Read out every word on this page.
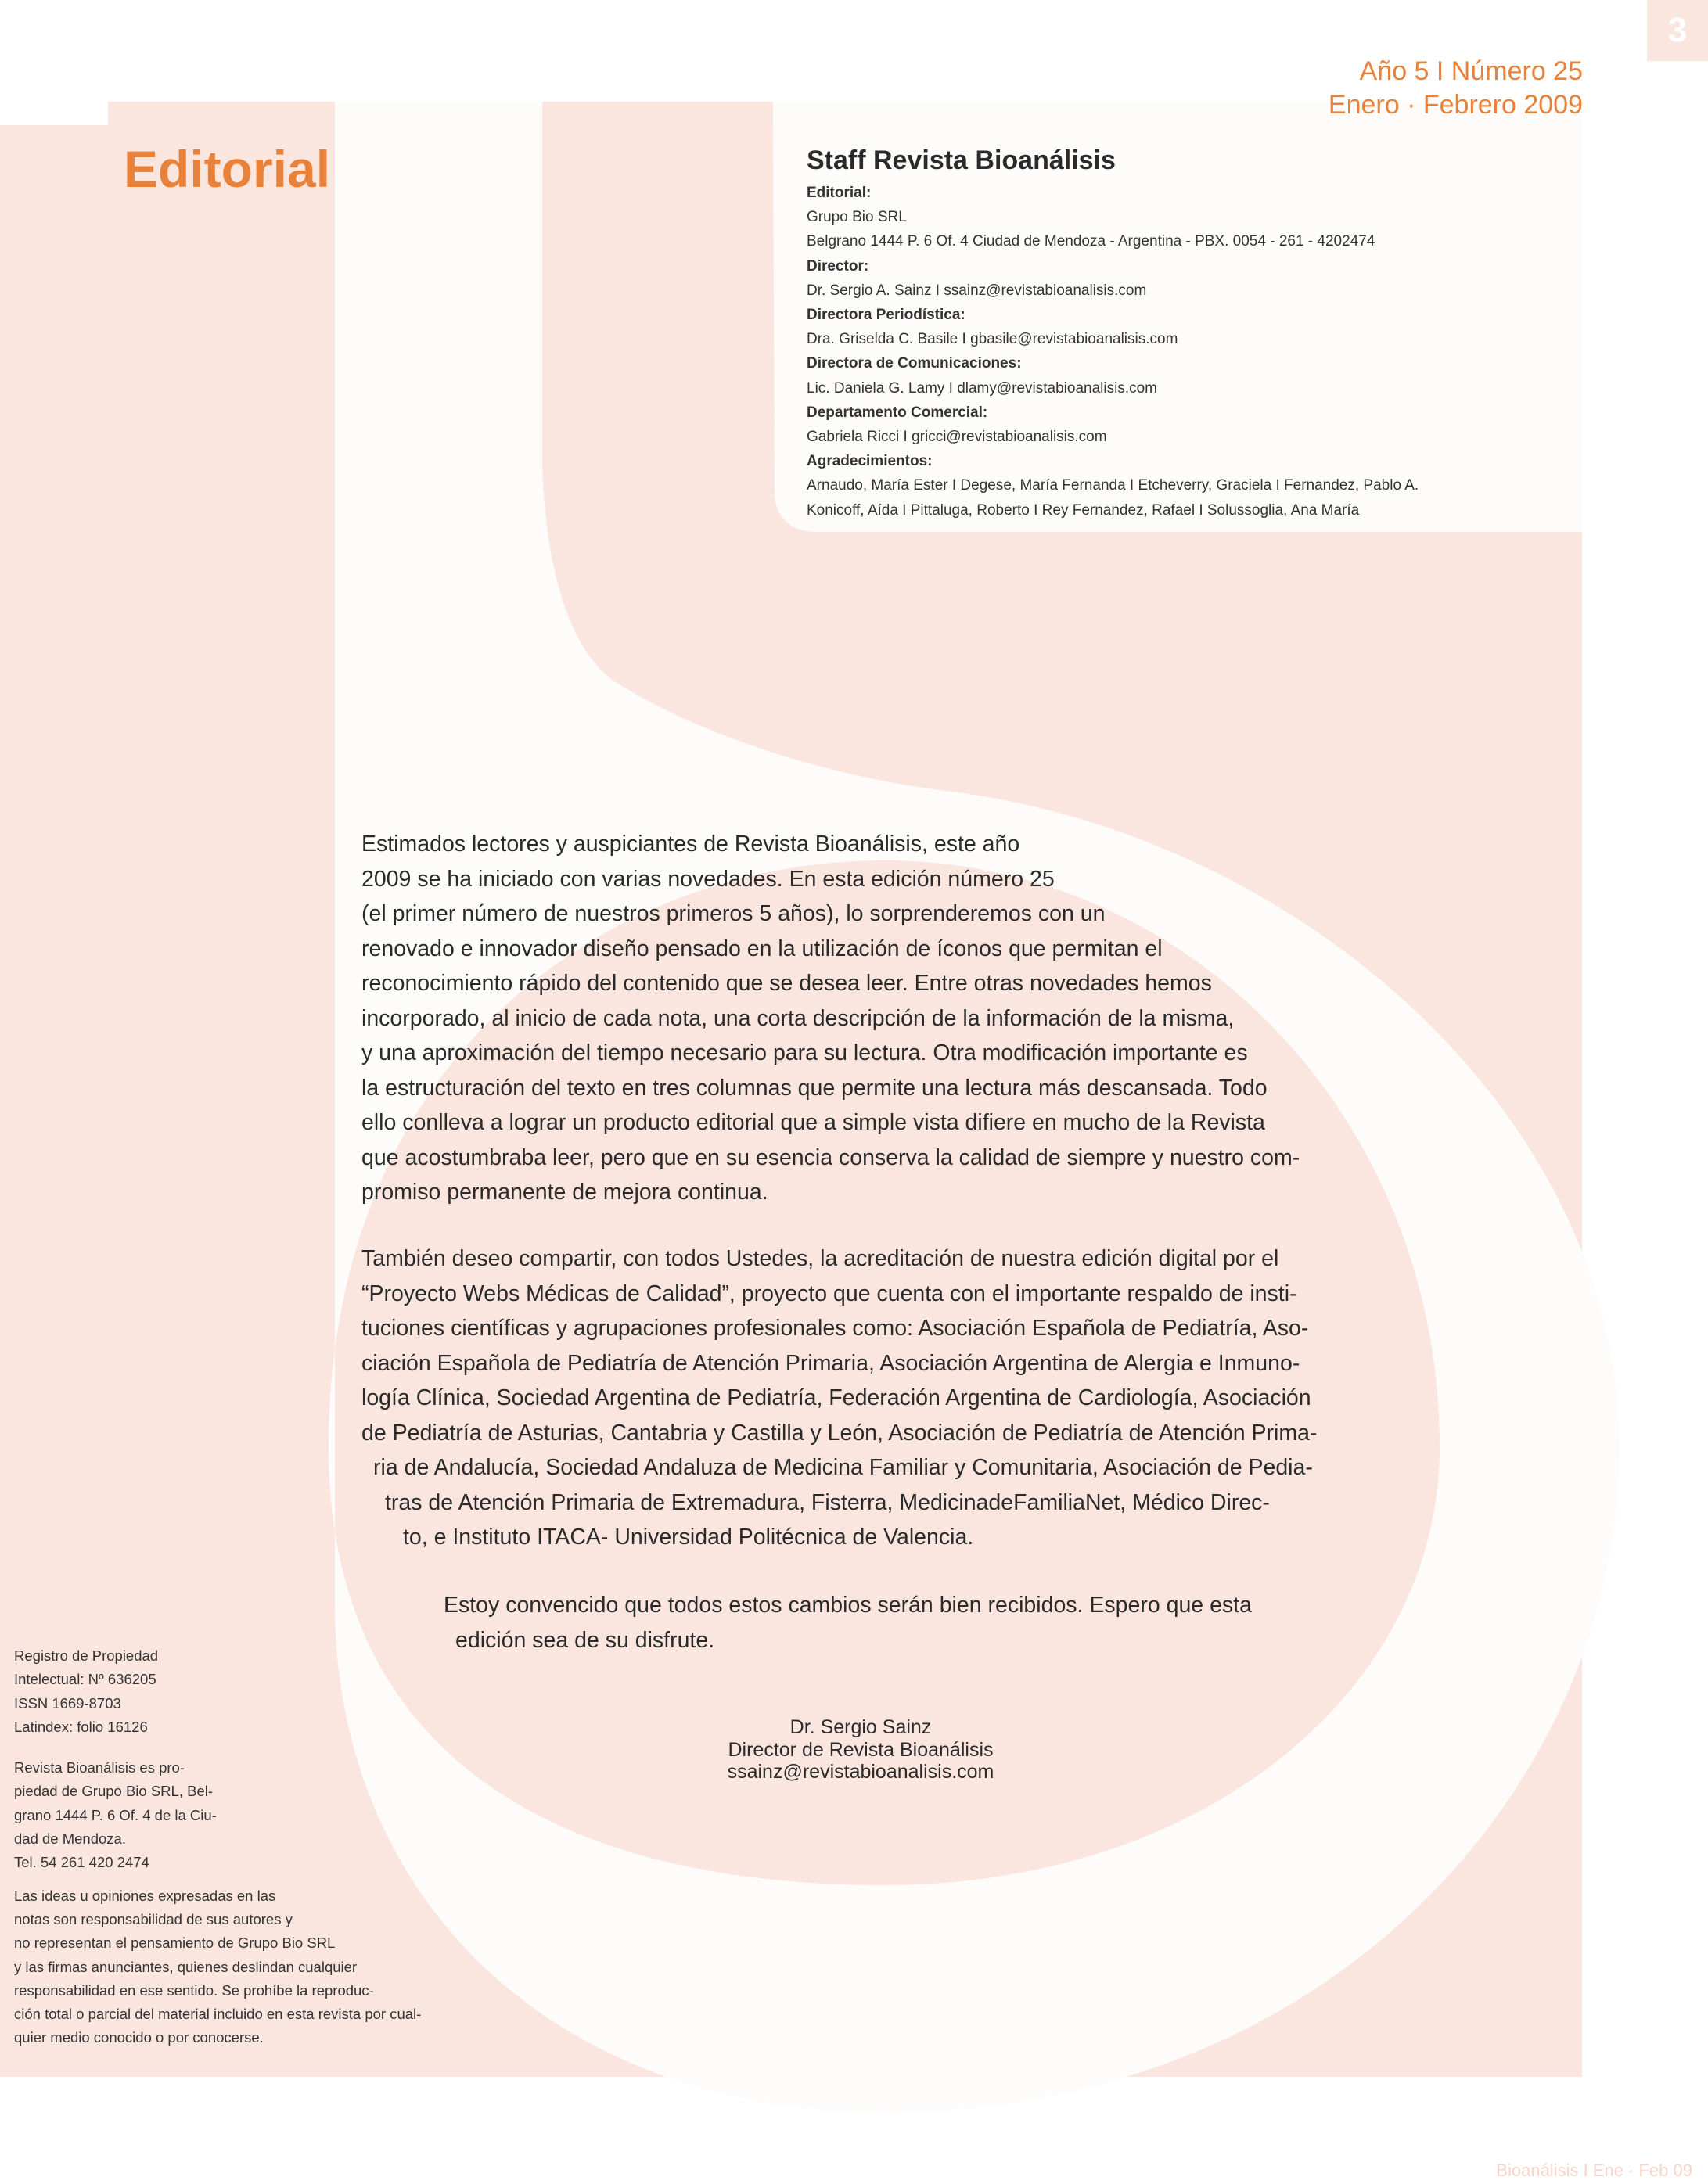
3
Año 5 I Número 25
Enero · Febrero 2009
Editorial	Staff Revista Bioanálisis
Editorial:
Grupo Bio SRL
Belgrano 1444 P. 6 Of. 4 Ciudad de Mendoza - Argentina - PBX. 0054 - 261 - 4202474
Director:
Dr. Sergio A. Sainz I ssainz@revistabioanalisis.com
Directora Periodística:
Dra. Griselda C. Basile I gbasile@revistabioanalisis.com
Directora de Comunicaciones:
Lic. Daniela G. Lamy I dlamy@revistabioanalisis.com
Departamento Comercial:
Gabriela Ricci I gricci@revistabioanalisis.com
Agradecimientos:
Arnaudo, María Ester I Degese, María Fernanda I Etcheverry, Graciela I Fernandez, Pablo A.
Konicoff, Aída I Pittaluga, Roberto I Rey Fernandez, Rafael I Solussoglia, Ana María
Estimados lectores y auspiciantes de Revista Bioanálisis, este año
2009 se ha iniciado con varias novedades. En esta edición número 25
(el primer número de nuestros primeros 5 años), lo sorprenderemos con un
renovado e innovador diseño pensado en la utilización de íconos que permitan el
reconocimiento rápido del contenido que se desea leer. Entre otras novedades hemos
incorporado, al inicio de cada nota, una corta descripción de la información de la misma,
y una aproximación del tiempo necesario para su lectura. Otra modificación importante es
la estructuración del texto en tres columnas que permite una lectura más descansada. Todo
ello conlleva a lograr un producto editorial que a simple vista difiere en mucho de la Revista
que acostumbraba leer, pero que en su esencia conserva la calidad de siempre y nuestro com-
promiso permanente de mejora continua.
También deseo compartir, con todos Ustedes, la acreditación de nuestra edición digital por el
“Proyecto Webs Médicas de Calidad”, proyecto que cuenta con el importante respaldo de insti-
tuciones científicas y agrupaciones profesionales como: Asociación Española de Pediatría, Aso-
ciación Española de Pediatría de Atención Primaria, Asociación Argentina de Alergia e Inmuno-
logía Clínica, Sociedad Argentina de Pediatría, Federación Argentina de Cardiología, Asociación
de Pediatría de Asturias, Cantabria y Castilla y León, Asociación de Pediatría de Atención Prima-
ria de Andalucía, Sociedad Andaluza de Medicina Familiar y Comunitaria, Asociación de Pedia-
tras de Atención Primaria de Extremadura, Fisterra, MedicinadeFamiliaNet, Médico Direc-
to, e Instituto ITACA- Universidad Politécnica de Valencia.
Estoy convencido que todos estos cambios serán bien recibidos. Espero que esta
edición sea de su disfrute.
Dr. Sergio Sainz
Director de Revista Bioanálisis
ssainz@revistabioanalisis.com
Registro de Propiedad
Intelectual: Nº 636205
ISSN 1669-8703
Latindex: folio 16126
Revista Bioanálisis es pro-
piedad de Grupo Bio SRL, Bel-
grano 1444 P. 6 Of. 4 de la Ciu-
dad de Mendoza.
Tel. 54 261 420 2474
Las ideas u opiniones expresadas en las
notas son responsabilidad de sus autores y
no representan el pensamiento de Grupo Bio SRL
y las firmas anunciantes, quienes deslindan cualquier
responsabilidad en ese sentido. Se prohíbe la reproduc-
ción total o parcial del material incluido en esta revista por cual-
quier medio conocido o por conocerse.
Bioanálisis I Ene · Feb 09
